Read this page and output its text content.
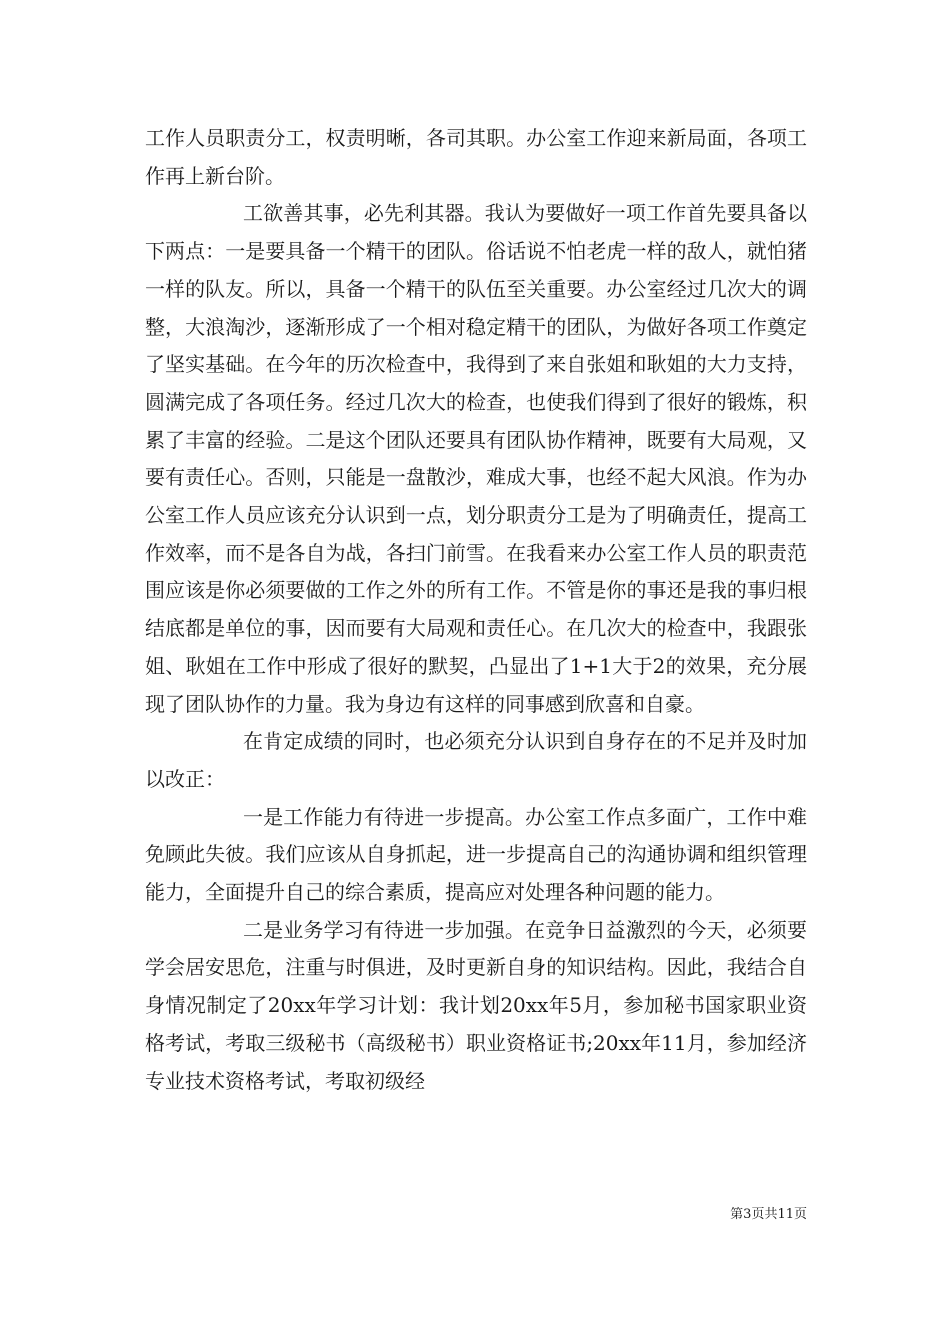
工作人员职责分工，权责明晰，各司其职。办公室工作迎来新局面，各项工作再上新台阶。

工欲善其事，必先利其器。我认为要做好一项工作首先要具备以下两点：一是要具备一个精干的团队。俗话说不怕老虎一样的敌人，就怕猪一样的队友。所以，具备一个精干的队伍至关重要。办公室经过几次大的调整，大浪淘沙，逐渐形成了一个相对稳定精干的团队，为做好各项工作奠定了坚实基础。在今年的历次检查中，我得到了来自张姐和耿姐的大力支持，圆满完成了各项任务。经过几次大的检查，也使我们得到了很好的锻炼，积累了丰富的经验。二是这个团队还要具有团队协作精神，既要有大局观，又要有责任心。否则，只能是一盘散沙，难成大事，也经不起大风浪。作为办公室工作人员应该充分认识到一点，划分职责分工是为了明确责任，提高工作效率，而不是各自为战，各扫门前雪。在我看来办公室工作人员的职责范围应该是你必须要做的工作之外的所有工作。不管是你的事还是我的事归根结底都是单位的事，因而要有大局观和责任心。在几次大的检查中，我跟张姐、耿姐在工作中形成了很好的默契，凸显出了1+1大于2的效果，充分展现了团队协作的力量。我为身边有这样的同事感到欣喜和自豪。

在肯定成绩的同时，也必须充分认识到自身存在的不足并及时加以改正：

一是工作能力有待进一步提高。办公室工作点多面广，工作中难免顾此失彼。我们应该从自身抓起，进一步提高自己的沟通协调和组织管理能力，全面提升自己的综合素质，提高应对处理各种问题的能力。

二是业务学习有待进一步加强。在竞争日益激烈的今天，必须要学会居安思危，注重与时俱进，及时更新自身的知识结构。因此，我结合自身情况制定了20xx年学习计划：我计划20xx年5月，参加秘书国家职业资格考试，考取三级秘书（高级秘书）职业资格证书;20xx年11月，参加经济专业技术资格考试，考取初级经

第3页共11页
